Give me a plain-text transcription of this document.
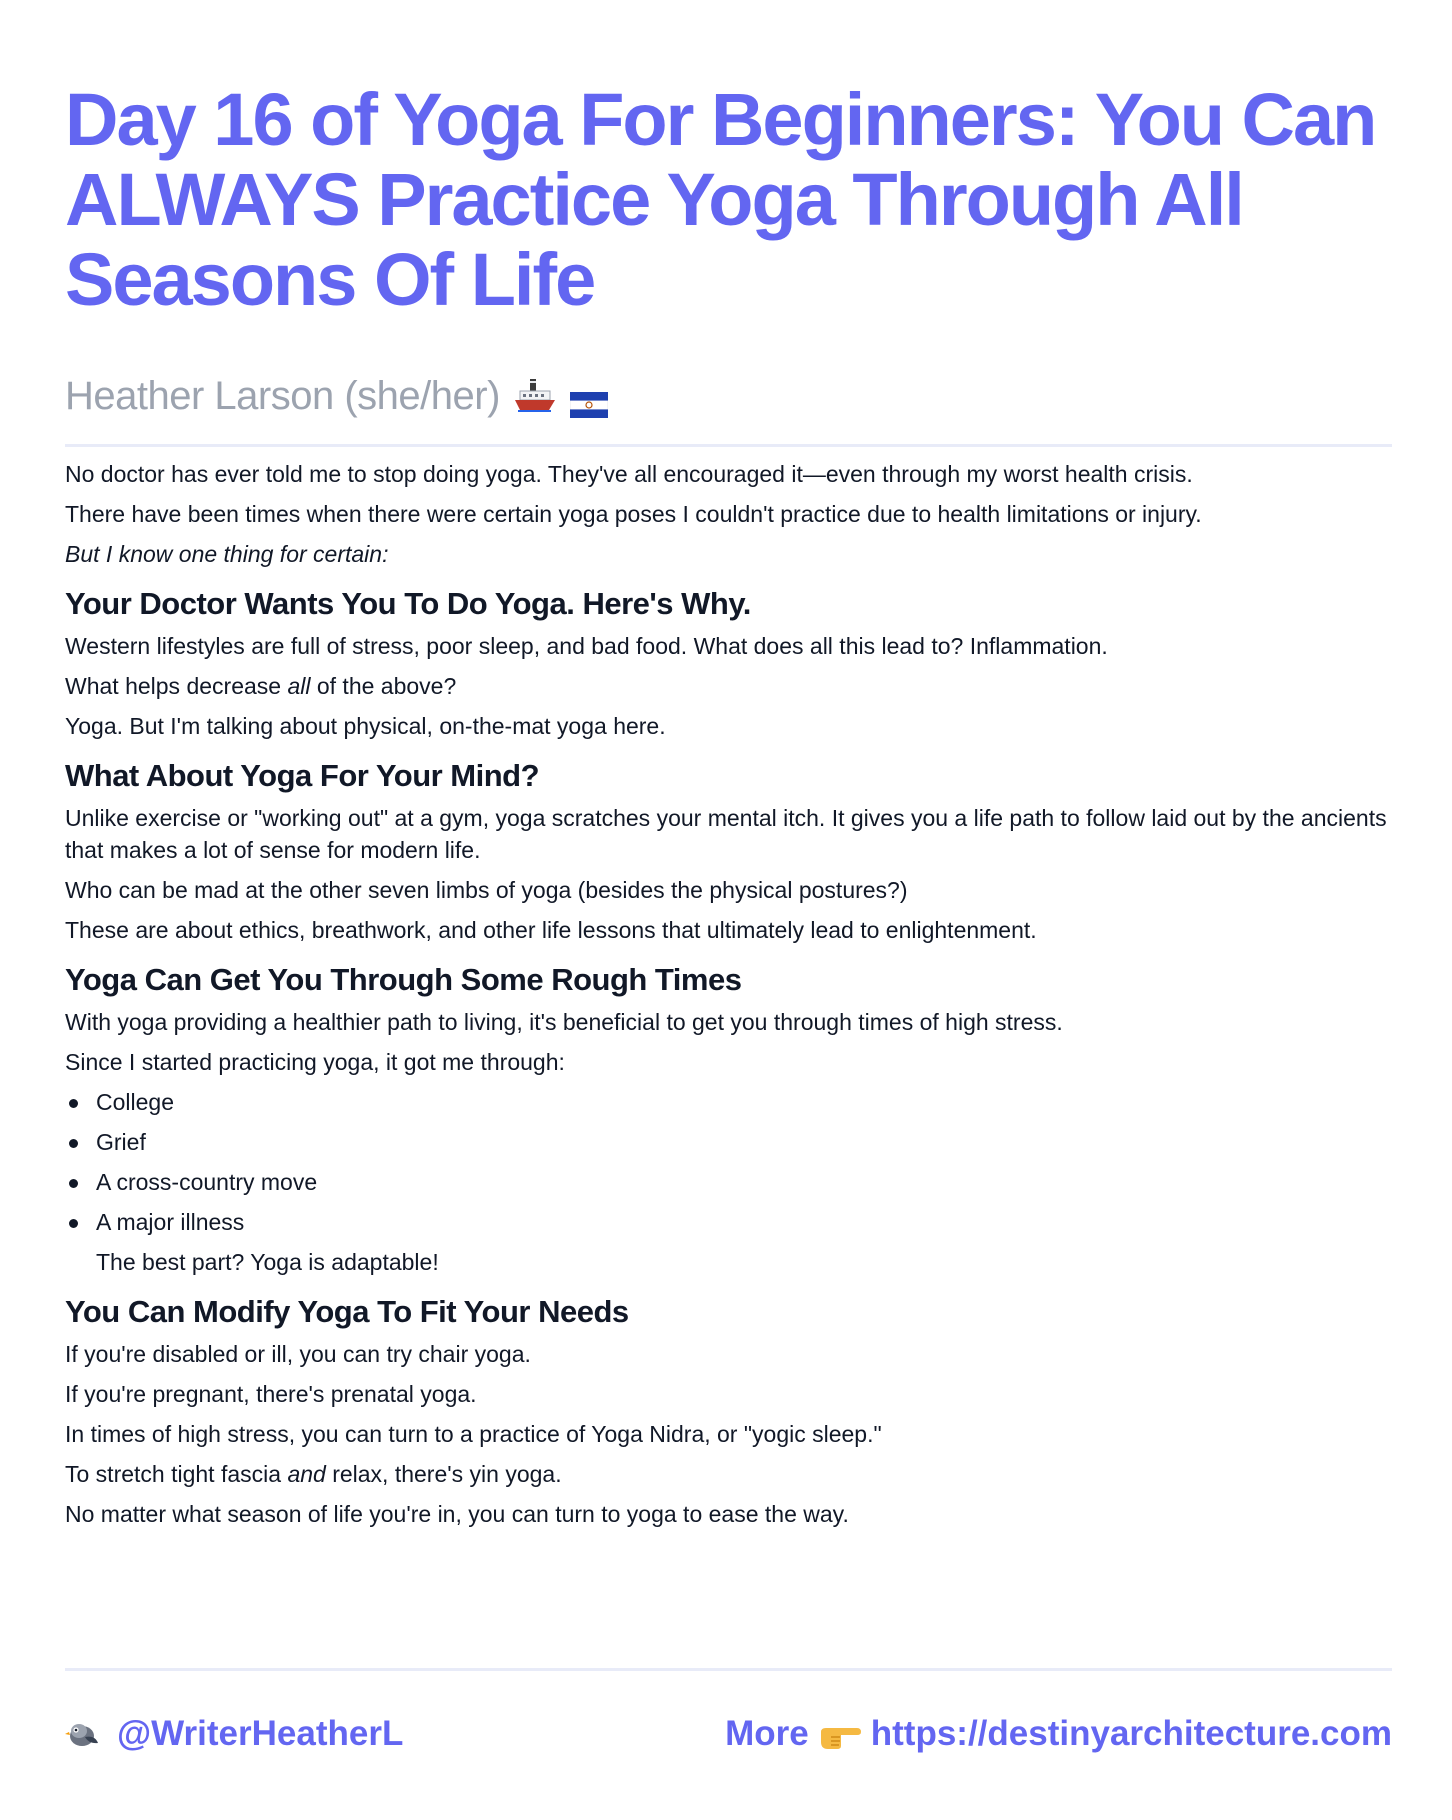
Day 16 of Yoga For Beginners: You Can ALWAYS Practice Yoga Through All Seasons Of Life
Heather Larson (she/her)

No doctor has ever told me to stop doing yoga. They've all encouraged it—even through my worst health crisis.

There have been times when there were certain yoga poses I couldn't practice due to health limitations or injury.

But I know one thing for certain:

Your Doctor Wants You To Do Yoga. Here's Why.

Western lifestyles are full of stress, poor sleep, and bad food. What does all this lead to? Inflammation.

What helps decrease all of the above?

Yoga. But I'm talking about physical, on-the-mat yoga here.

What About Yoga For Your Mind?

Unlike exercise or "working out" at a gym, yoga scratches your mental itch. It gives you a life path to follow laid out by the ancients that makes a lot of sense for modern life.

Who can be mad at the other seven limbs of yoga (besides the physical postures?)

These are about ethics, breathwork, and other life lessons that ultimately lead to enlightenment.

Yoga Can Get You Through Some Rough Times

With yoga providing a healthier path to living, it's beneficial to get you through times of high stress.

Since I started practicing yoga, it got me through:

College
Grief
A cross-country move
A major illness

The best part? Yoga is adaptable!

You Can Modify Yoga To Fit Your Needs

If you're disabled or ill, you can try chair yoga.

If you're pregnant, there's prenatal yoga.

In times of high stress, you can turn to a practice of Yoga Nidra, or "yogic sleep."

To stretch tight fascia and relax, there's yin yoga.

No matter what season of life you're in, you can turn to yoga to ease the way.

@WriterHeatherL	More https://destinyarchitecture.com
